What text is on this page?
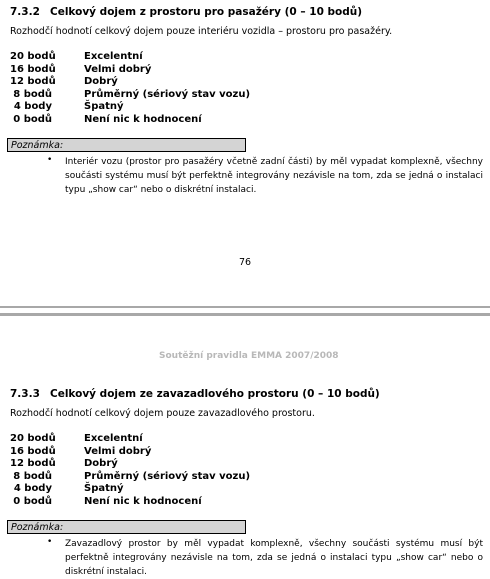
7.3.2 Celkový dojem z prostoru pro pasažéry (0 – 10 bodů)
Rozhodčí hodnotí celkový dojem pouze interiéru vozidla – prostoru pro pasažéry.
20 bodů	Excelentní
16 bodů	Velmi dobrý
12 bodů	Dobrý
8 bodů	Průměrný (sériový stav vozu)
4 body	Špatný
0 bodů	Není nic k hodnocení
Poznámka:
• Interiér vozu (prostor pro pasažéry včetně zadní části) by měl vypadat komplexně, všechny součásti systému musí být perfektně integrovány nezávisle na tom, zda se jedná o instalaci typu „show car“ nebo o diskrétní instalaci.
76
Soutěžní pravidla EMMA 2007/2008
7.3.3 Celkový dojem ze zavazadlového prostoru (0 – 10 bodů)
Rozhodčí hodnotí celkový dojem pouze zavazadlového prostoru.
20 bodů	Excelentní
16 bodů	Velmi dobrý
12 bodů	Dobrý
8 bodů	Průměrný (sériový stav vozu)
4 body	Špatný
0 bodů	Není nic k hodnocení
Poznámka:
• Zavazadlový prostor by měl vypadat komplexně, všechny součásti systému musí být perfektně integrovány nezávisle na tom, zda se jedná o instalaci typu „show car“ nebo o diskrétní instalaci.
